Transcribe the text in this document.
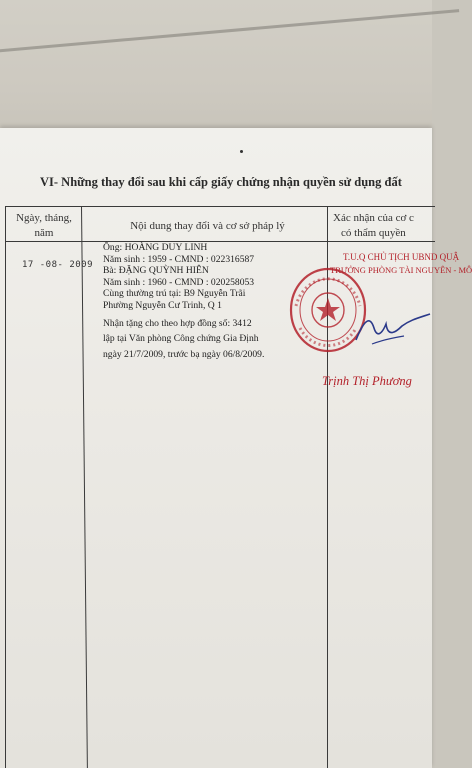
VI- Những thay đổi sau khi cấp giấy chứng nhận quyền sử dụng đất
Ngày, tháng,
năm
Nội dung thay đổi và cơ sở pháp lý
Xác nhận của cơ c
có thẩm quyền
17 -08- 2009
Ông: HOÀNG DUY LINH
Năm sinh : 1959 - CMND : 022316587
Bà: ĐẶNG QUỲNH HIÊN
Năm sinh : 1960 - CMND : 020258053
Cùng thường trú tại: B9 Nguyễn Trãi
Phường Nguyễn Cư Trinh, Q 1
Nhận tặng cho theo hợp đồng số: 3412
lập tại Văn phòng Công chứng Gia Định
ngày 21/7/2009, trước bạ ngày 06/8/2009.
T.U.Q CHỦ TỊCH UBND QUẬ
TRƯỞNG PHÒNG TÀI NGUYÊN - MÔ
Trịnh Thị Phương
